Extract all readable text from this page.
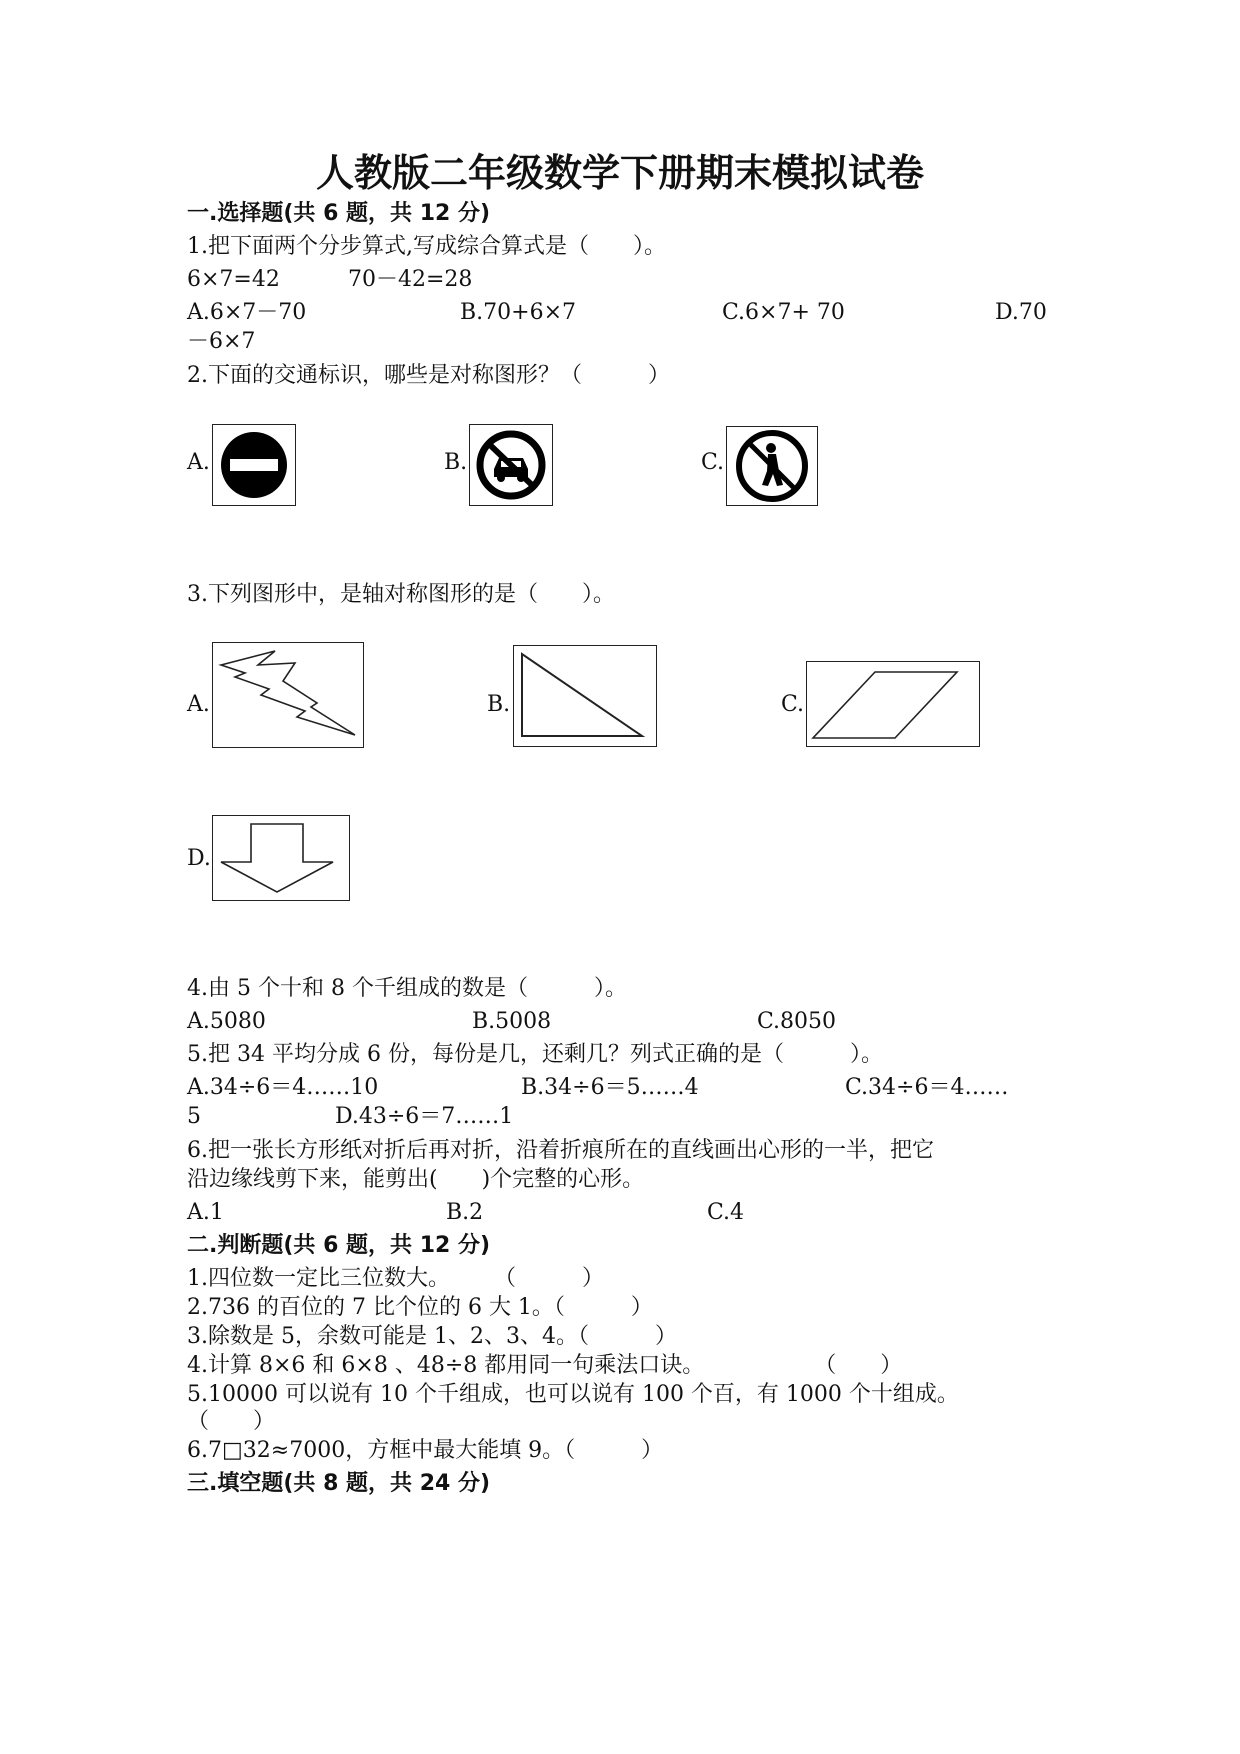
人教版二年级数学下册期末模拟试卷
一.选择题(共 6 题，共 12 分)
1.把下面两个分步算式,写成综合算式是（　　）。
6×7=42	70－42=28
A.6×7－70	B.70+6×7	C.6×7+ 70	D.70
－6×7
2.下面的交通标识，哪些是对称图形？（　　　）
A.	B.	C.
3.下列图形中，是轴对称图形的是（　　）。
A.	B.	C.
D.
4.由 5 个十和 8 个千组成的数是（　　　）。
A.5080	B.5008	C.8050
5.把 34 平均分成 6 份，每份是几，还剩几？列式正确的是（　　　）。
A.34÷6＝4……10	B.34÷6＝5……4	C.34÷6＝4……
5	D.43÷6＝7……1
6.把一张长方形纸对折后再对折，沿着折痕所在的直线画出心形的一半，把它
沿边缘线剪下来，能剪出(　　)个完整的心形。
A.1	B.2	C.4
二.判断题(共 6 题，共 12 分)
1.四位数一定比三位数大。　　　（　　　）
2.736 的百位的 7 比个位的 6 大 1。（　　　）
3.除数是 5，余数可能是 1、2、3、4。（　　　）
4.计算 8×6 和 6×8 、48÷8 都用同一句乘法口诀。　　　　　　（　　）
5.10000 可以说有 10 个千组成，也可以说有 100 个百，有 1000 个十组成。
（　　）
6.7□32≈7000，方框中最大能填 9。（　　　）
三.填空题(共 8 题，共 24 分)
